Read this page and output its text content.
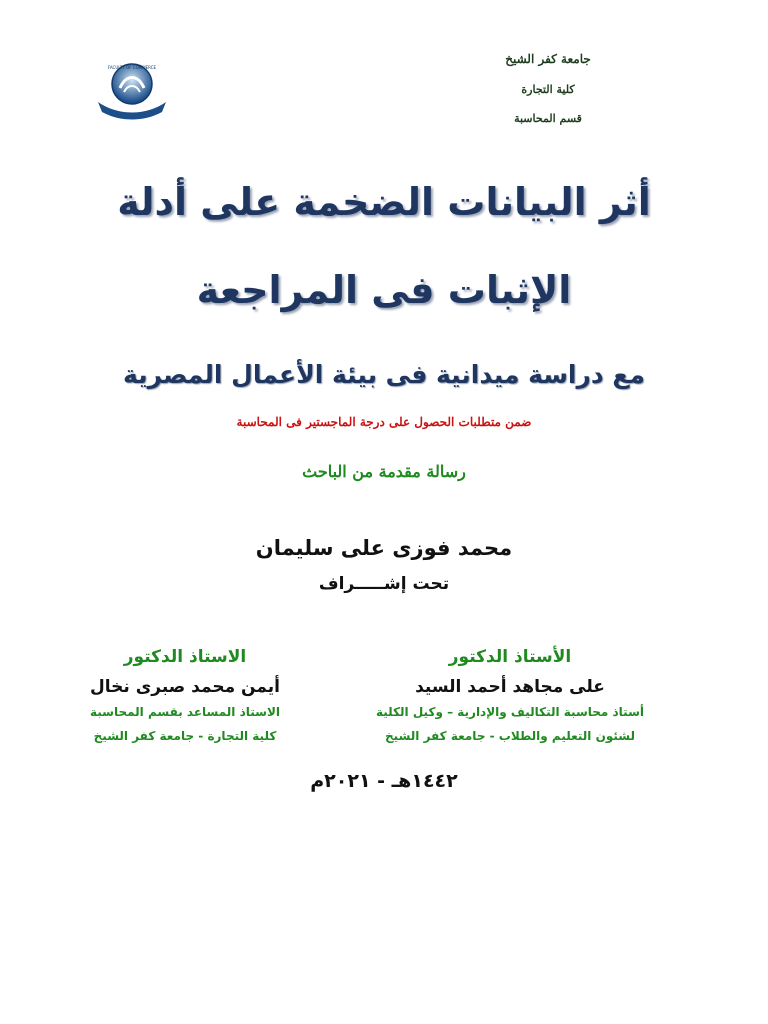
FACULTY OF COMMERCE
جامعة كفر الشيخ
كلية التجارة
قسم المحاسبة
أثر البيانات الضخمة على أدلة
الإثبات فى المراجعة
مع دراسة ميدانية فى بيئة الأعمال المصرية
ضمن متطلبات الحصول على درجة الماجستير فى المحاسبة
رسالة مقدمة من الباحث
محمد فوزى على سليمان
تحت إشـــــراف
الأستاذ الدكتور
على مجاهد أحمد السيد
أستاذ محاسبة التكاليف والإدارية – وكيل الكلية
لشئون التعليم والطلاب - جامعة كفر الشيخ
الاستاذ الدكتور
أيمن محمد صبرى نخال
الاستاذ المساعد بقسم المحاسبة
كلية التجارة - جامعة كفر الشيخ
١٤٤٢هـ - ٢٠٢١م
